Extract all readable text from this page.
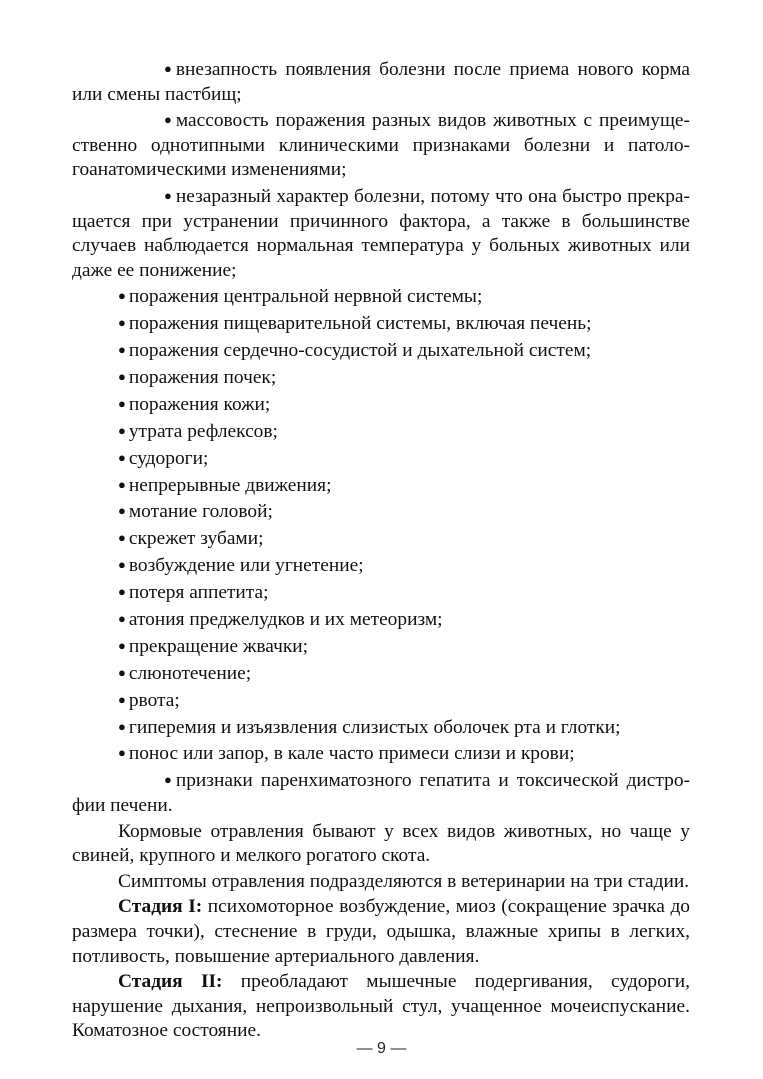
● внезапность появления болезни после приема нового корма или смены пастбищ;

● массовость поражения разных видов животных с преимущественно однотипными клиническими признаками болезни и патологоанатомическими изменениями;

● незаразный характер болезни, потому что она быстро прекращается при устранении причинного фактора, а также в большинстве случаев наблюдается нормальная температура у больных животных или даже ее понижение;

● поражения центральной нервной системы;
● поражения пищеварительной системы, включая печень;
● поражения сердечно-сосудистой и дыхательной систем;
● поражения почек;
● поражения кожи;
● утрата рефлексов;
● судороги;
● непрерывные движения;
● мотание головой;
● скрежет зубами;
● возбуждение или угнетение;
● потеря аппетита;
● атония преджелудков и их метеоризм;
● прекращение жвачки;
● слюнотечение;
● рвота;
● гиперемия и изъязвления слизистых оболочек рта и глотки;
● понос или запор, в кале часто примеси слизи и крови;

● признаки паренхиматозного гепатита и токсической дистрофии печени.

Кормовые отравления бывают у всех видов животных, но чаще у свиней, крупного и мелкого рогатого скота.

Симптомы отравления подразделяются в ветеринарии на три стадии.

Стадия I: психомоторное возбуждение, миоз (сокращение зрачка до размера точки), стеснение в груди, одышка, влажные хрипы в легких, потливость, повышение артериального давления.

Стадия II: преобладают мышечные подергивания, судороги, нарушение дыхания, непроизвольный стул, учащенное мочеиспускание. Коматозное состояние.

— 9 —
